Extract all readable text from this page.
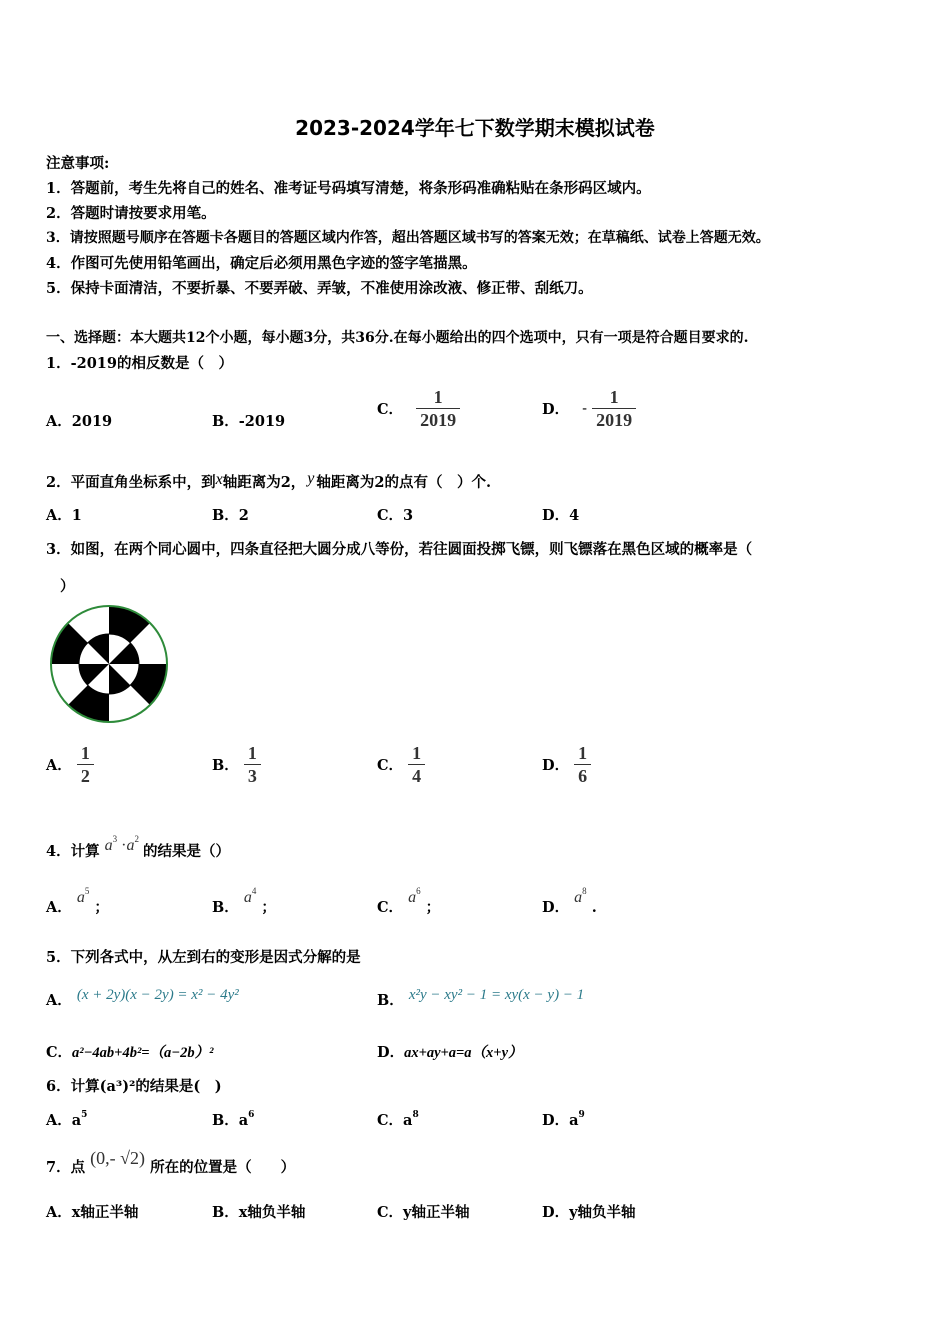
2023-2024学年七下数学期末模拟试卷
注意事项:
1．答题前，考生先将自己的姓名、准考证号码填写清楚，将条形码准确粘贴在条形码区域内。
2．答题时请按要求用笔。
3．请按照题号顺序在答题卡各题目的答题区域内作答，超出答题区域书写的答案无效；在草稿纸、试卷上答题无效。
4．作图可先使用铅笔画出，确定后必须用黑色字迹的签字笔描黑。
5．保持卡面清洁，不要折暴、不要弄破、弄皱，不准使用涂改液、修正带、刮纸刀。
一、选择题：本大题共12个小题，每小题3分，共36分.在每小题给出的四个选项中，只有一项是符合题目要求的.
1．-2019的相反数是（　）
A．2019	B．-2019
C． $\frac{1}{2019}$	D． - $\frac{1}{2019}$
2．平面直角坐标系中，到x轴距离为2， y 轴距离为2的点有（　）个.
A．1	B．2	C．3	D．4
3．如图，在两个同心圆中，四条直径把大圆分成八等份，若往圆面投掷飞镖，则飞镖落在黑色区域的概率是（
）
A． $\frac{1}{2}$	B． $\frac{1}{3}$	C． $\frac{1}{4}$	D． $\frac{1}{6}$
4．计算 $a^3 \cdot a^2$ 的结果是（）
A． $a^5$ ；	B． $a^4$ ；	C． $a^6$ ；	D． $a^8$ .
5．下列各式中，从左到右的变形是因式分解的是
A． (x + 2y)(x − 2y) = x² − 4y²	B． x²y − xy² − 1 = xy(x − y) − 1
C．a²−4ab+4b²=（a−2b）²	D．ax+ay+a=a（x+y）
6．计算(a³)²的结果是(　)
A．$a^5$	B．$a^6$	C．$a^8$	D．$a^9$
7．点 (0,- √2) 所在的位置是（　　）
A．x轴正半轴	B．x轴负半轴	C．y轴正半轴	D．y轴负半轴
